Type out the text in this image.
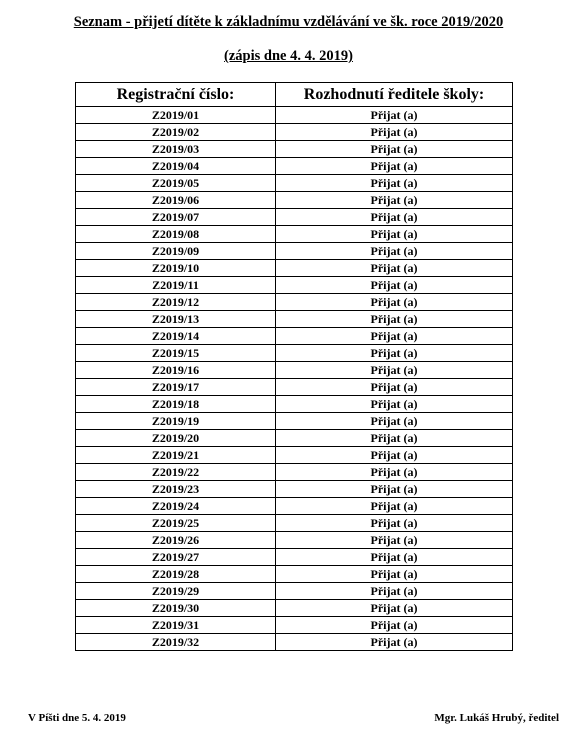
Seznam - přijetí dítěte k základnímu vzdělávání ve šk. roce 2019/2020
(zápis dne 4. 4. 2019)
Registrační číslo:	Rozhodnutí ředitele školy:
Z2019/01	Přijat (a)
Z2019/02	Přijat (a)
Z2019/03	Přijat (a)
Z2019/04	Přijat (a)
Z2019/05	Přijat (a)
Z2019/06	Přijat (a)
Z2019/07	Přijat (a)
Z2019/08	Přijat (a)
Z2019/09	Přijat (a)
Z2019/10	Přijat (a)
Z2019/11	Přijat (a)
Z2019/12	Přijat (a)
Z2019/13	Přijat (a)
Z2019/14	Přijat (a)
Z2019/15	Přijat (a)
Z2019/16	Přijat (a)
Z2019/17	Přijat (a)
Z2019/18	Přijat (a)
Z2019/19	Přijat (a)
Z2019/20	Přijat (a)
Z2019/21	Přijat (a)
Z2019/22	Přijat (a)
Z2019/23	Přijat (a)
Z2019/24	Přijat (a)
Z2019/25	Přijat (a)
Z2019/26	Přijat (a)
Z2019/27	Přijat (a)
Z2019/28	Přijat (a)
Z2019/29	Přijat (a)
Z2019/30	Přijat (a)
Z2019/31	Přijat (a)
Z2019/32	Přijat (a)
V Píšti dne 5. 4. 2019	Mgr. Lukáš Hrubý, ředitel
